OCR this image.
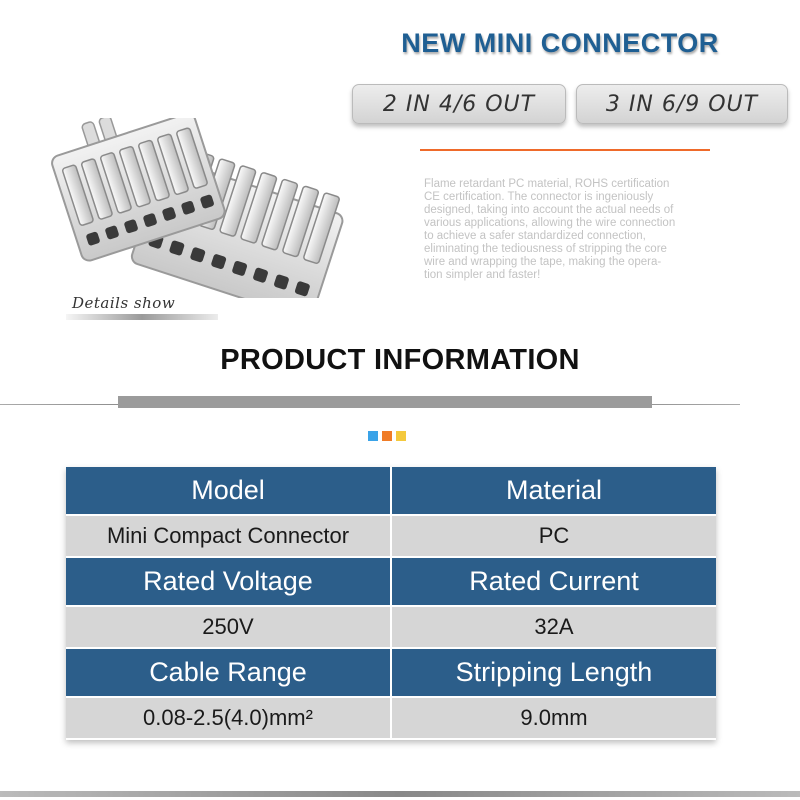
NEW MINI CONNECTOR
2 IN 4/6 OUT	3 IN 6/9 OUT
Flame retardant PC material, ROHS certification
CE certification. The connector is ingeniously
designed, taking into account the actual needs of
various applications, allowing the wire connection
to achieve a safer standardized connection,
eliminating the tediousness of stripping the core
wire and wrapping the tape, making the opera-
tion simpler and faster!
Details show
PRODUCT INFORMATION
Model	Material
Mini Compact Connector	PC
Rated Voltage	Rated Current
250V	32A
Cable Range	Stripping Length
0.08-2.5(4.0)mm²	9.0mm
